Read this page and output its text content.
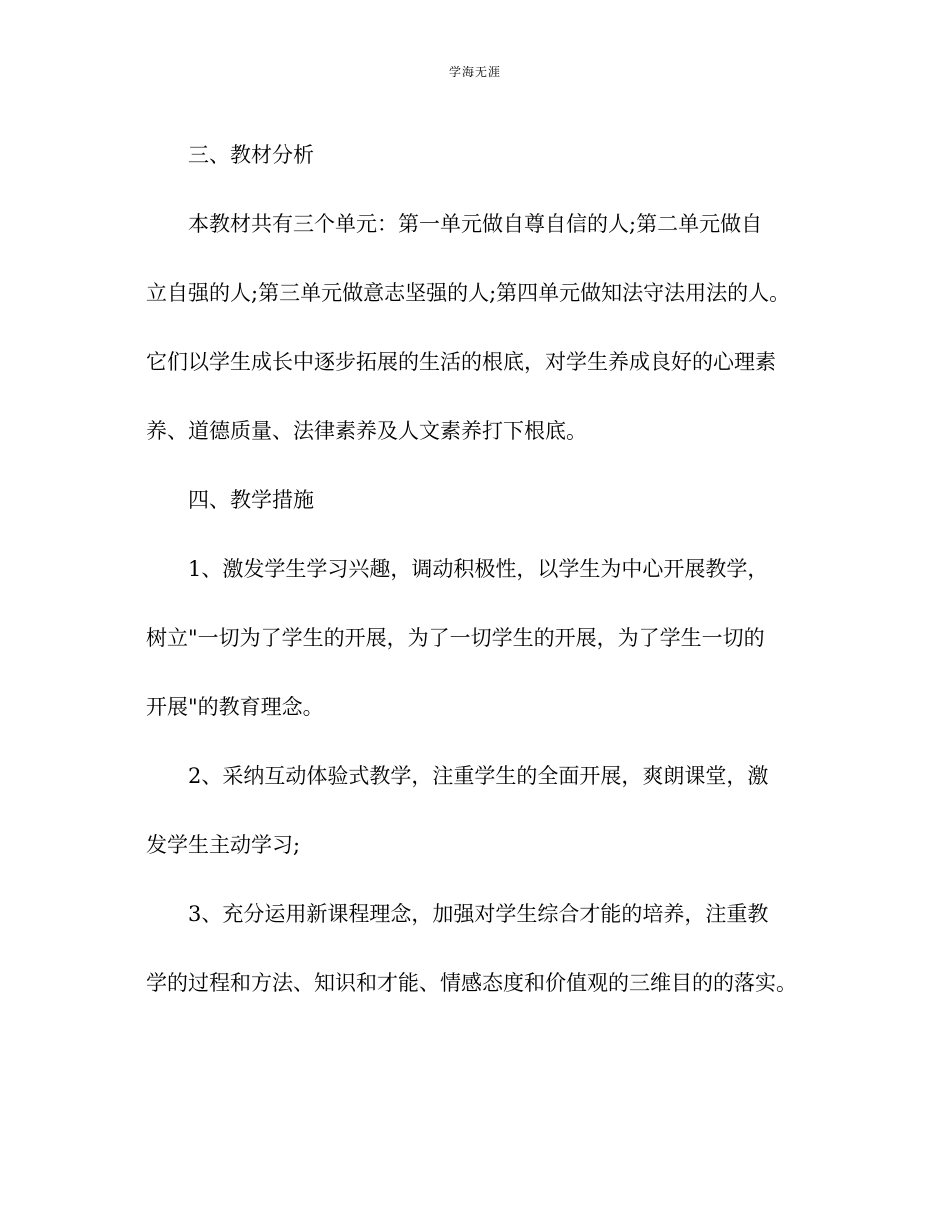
学海无涯

三、教材分析

本教材共有三个单元：第一单元做自尊自信的人;第二单元做自
立自强的人;第三单元做意志坚强的人;第四单元做知法守法用法的人。
它们以学生成长中逐步拓展的生活的根底，对学生养成良好的心理素
养、道德质量、法律素养及人文素养打下根底。

四、教学措施

1、激发学生学习兴趣，调动积极性，以学生为中心开展教学，
树立"一切为了学生的开展，为了一切学生的开展，为了学生一切的
开展"的教育理念。
2、采纳互动体验式教学，注重学生的全面开展，爽朗课堂，激
发学生主动学习;
3、充分运用新课程理念，加强对学生综合才能的培养，注重教
学的过程和方法、知识和才能、情感态度和价值观的三维目的的落实。
